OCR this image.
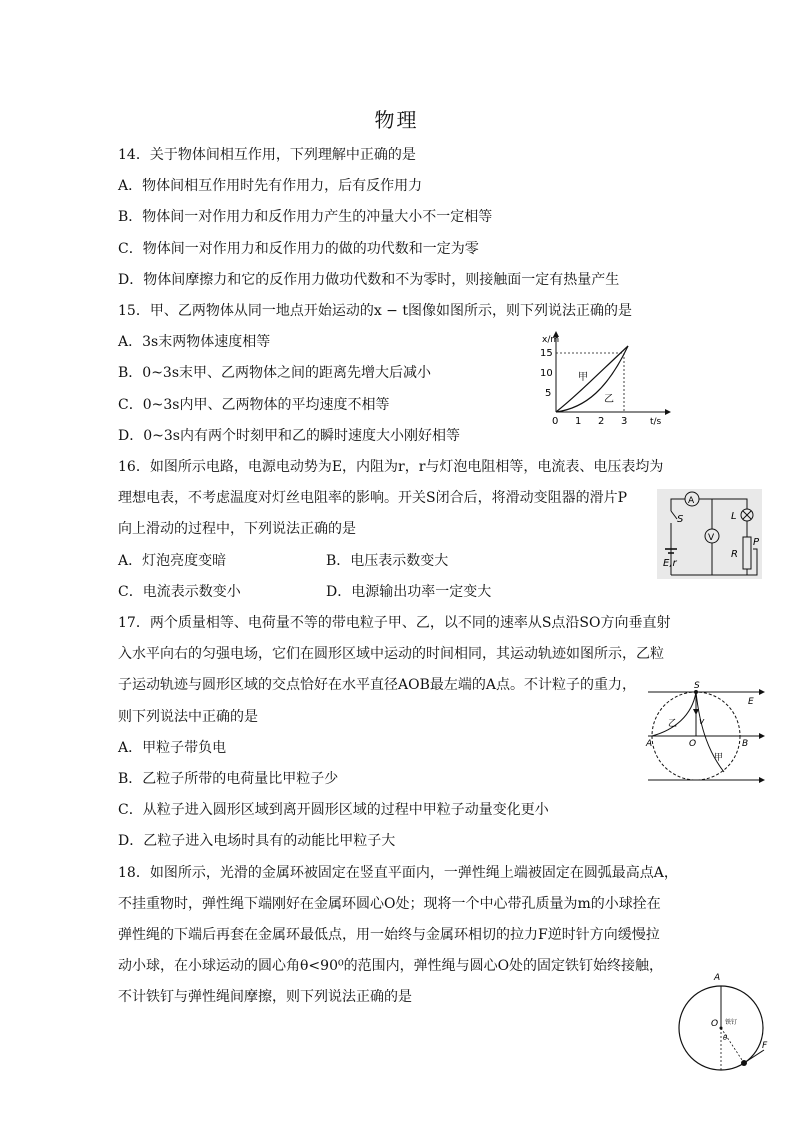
物理
14．关于物体间相互作用，下列理解中正确的是
A．物体间相互作用时先有作用力，后有反作用力
B．物体间一对作用力和反作用力产生的冲量大小不一定相等
C．物体间一对作用力和反作用力的做的功代数和一定为零
D．物体间摩擦力和它的反作用力做功代数和不为零时，则接触面一定有热量产生
15．甲、乙两物体从同一地点开始运动的x − t图像如图所示，则下列说法正确的是
A．3s末两物体速度相等
B．0~3s末甲、乙两物体之间的距离先增大后减小
C．0~3s内甲、乙两物体的平均速度不相等
D．0~3s内有两个时刻甲和乙的瞬时速度大小刚好相等
16．如图所示电路，电源电动势为E，内阻为r，r与灯泡电阻相等，电流表、电压表均为
理想电表，不考虑温度对灯丝电阻率的影响。开关S闭合后，将滑动变阻器的滑片P
向上滑动的过程中，下列说法正确的是
A．灯泡亮度变暗	B．电压表示数变大
C．电流表示数变小	D．电源输出功率一定变大
17．两个质量相等、电荷量不等的带电粒子甲、乙，以不同的速率从S点沿SO方向垂直射
入水平向右的匀强电场，它们在圆形区域中运动的时间相同，其运动轨迹如图所示，乙粒
子运动轨迹与圆形区域的交点恰好在水平直径AOB最左端的A点。不计粒子的重力，
则下列说法中正确的是
A．甲粒子带负电
B．乙粒子所带的电荷量比甲粒子少
C．从粒子进入圆形区域到离开圆形区域的过程中甲粒子动量变化更小
D．乙粒子进入电场时具有的动能比甲粒子大
18．如图所示，光滑的金属环被固定在竖直平面内，一弹性绳上端被固定在圆弧最高点A，
不挂重物时，弹性绳下端刚好在金属环圆心O处；现将一个中心带孔质量为m的小球拴在
弹性绳的下端后再套在金属环最低点，用一始终与金属环相切的拉力F逆时针方向缓慢拉
动小球，在小球运动的圆心角θ<90⁰的范围内，弹性绳与圆心O处的固定铁钉始终接触，
不计铁钉与弹性绳间摩擦，则下列说法正确的是
x/m
t/s
15
10
5
0 1 2 3
甲
乙
A
V
L
S
E,r
R
P
S
E
A	O	B
乙
甲
v
A
O 铁钉
θ
F
